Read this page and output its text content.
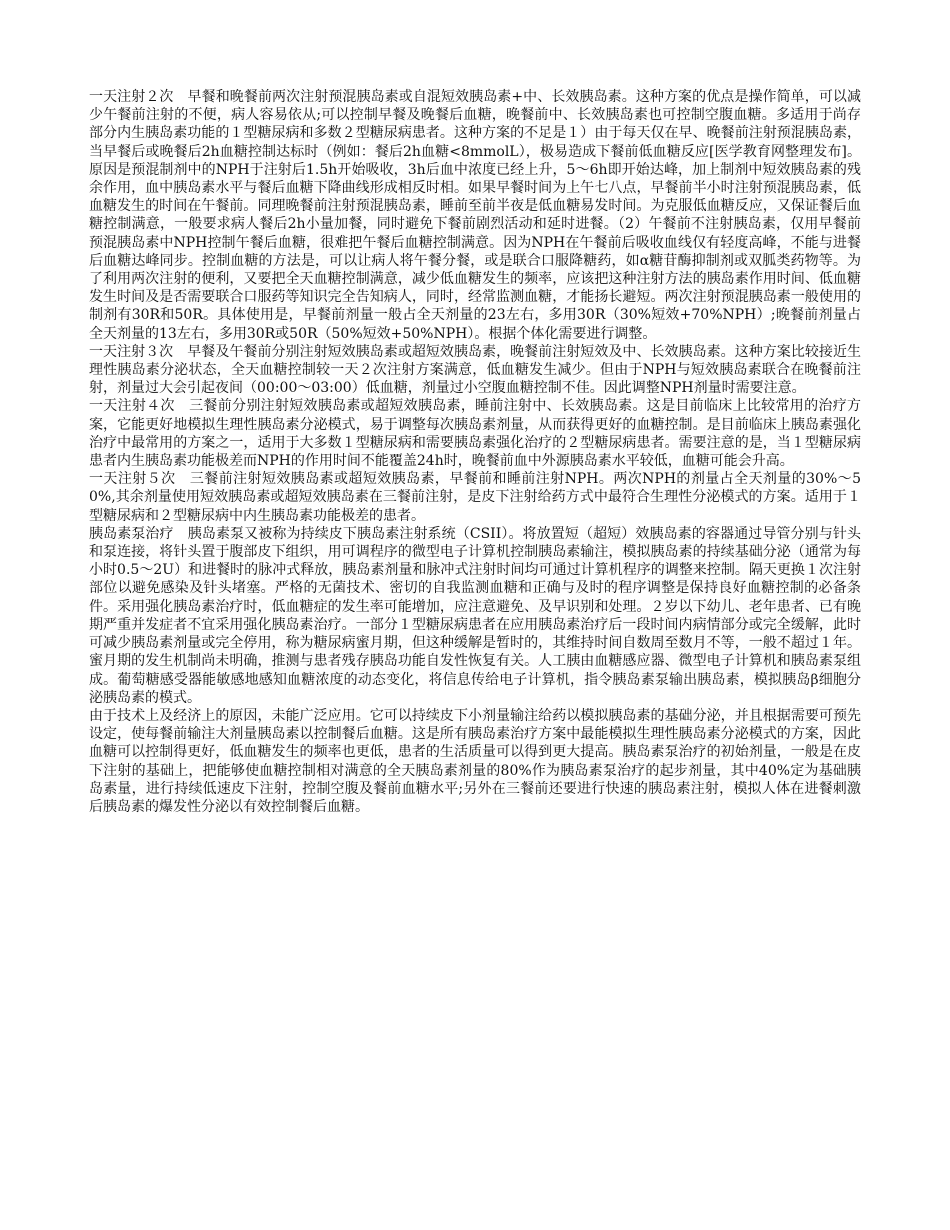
一天注射２次　早餐和晚餐前两次注射预混胰岛素或自混短效胰岛素+中、长效胰岛素。这种方案的优点是操作简单，可以减少午餐前注射的不便，病人容易依从;可以控制早餐及晚餐后血糖，晚餐前中、长效胰岛素也可控制空腹血糖。多适用于尚存部分内生胰岛素功能的１型糖尿病和多数２型糖尿病患者。这种方案的不足是１）由于每天仅在早、晚餐前注射预混胰岛素，当早餐后或晚餐后2h血糖控制达标时（例如：餐后2h血糖<8mmolL），极易造成下餐前低血糖反应[医学教育网整理发布]。原因是预混制剂中的NPH于注射后1.5h开始吸收，3h后血中浓度已经上升，5～6h即开始达峰，加上制剂中短效胰岛素的残余作用，血中胰岛素水平与餐后血糖下降曲线形成相反时相。如果早餐时间为上午七八点，早餐前半小时注射预混胰岛素，低血糖发生的时间在午餐前。同理晚餐前注射预混胰岛素，睡前至前半夜是低血糖易发时间。为克服低血糖反应，又保证餐后血糖控制满意，一般要求病人餐后2h小量加餐，同时避免下餐前剧烈活动和延时进餐。（2）午餐前不注射胰岛素，仅用早餐前预混胰岛素中NPH控制午餐后血糖，很难把午餐后血糖控制满意。因为NPH在午餐前后吸收血线仅有轻度高峰，不能与进餐后血糖达峰同步。控制血糖的方法是，可以让病人将午餐分餐，或是联合口服降糖药，如α糖苷酶抑制剂或双胍类药物等。为了利用两次注射的便利，又要把全天血糖控制满意，减少低血糖发生的频率，应该把这种注射方法的胰岛素作用时间、低血糖发生时间及是否需要联合口服药等知识完全告知病人，同时，经常监测血糖，才能扬长避短。两次注射预混胰岛素一般使用的制剂有30R和50R。具体使用是，早餐前剂量一般占全天剂量的23左右，多用30R（30%短效+70%NPH）;晚餐前剂量占全天剂量的13左右，多用30R或50R（50%短效+50%NPH）。根据个体化需要进行调整。

一天注射３次　早餐及午餐前分别注射短效胰岛素或超短效胰岛素，晚餐前注射短效及中、长效胰岛素。这种方案比较接近生理性胰岛素分泌状态，全天血糖控制较一天２次注射方案满意，低血糖发生减少。但由于NPH与短效胰岛素联合在晚餐前注射，剂量过大会引起夜间（00:00～03:00）低血糖，剂量过小空腹血糖控制不佳。因此调整NPH剂量时需要注意。

一天注射４次　三餐前分别注射短效胰岛素或超短效胰岛素，睡前注射中、长效胰岛素。这是目前临床上比较常用的治疗方案，它能更好地模拟生理性胰岛素分泌模式，易于调整每次胰岛素剂量，从而获得更好的血糖控制。是目前临床上胰岛素强化治疗中最常用的方案之一，适用于大多数１型糖尿病和需要胰岛素强化治疗的２型糖尿病患者。需要注意的是，当１型糖尿病患者内生胰岛素功能极差而NPH的作用时间不能覆盖24h时，晚餐前血中外源胰岛素水平较低，血糖可能会升高。

一天注射５次　三餐前注射短效胰岛素或超短效胰岛素，早餐前和睡前注射NPH。两次NPH的剂量占全天剂量的30%～50%,其余剂量使用短效胰岛素或超短效胰岛素在三餐前注射，是皮下注射给药方式中最符合生理性分泌模式的方案。适用于１型糖尿病和２型糖尿病中内生胰岛素功能极差的患者。

胰岛素泵治疗　胰岛素泵又被称为持续皮下胰岛素注射系统（CSII）。将放置短（超短）效胰岛素的容器通过导管分别与针头和泵连接，将针头置于腹部皮下组织，用可调程序的微型电子计算机控制胰岛素输注，模拟胰岛素的持续基础分泌（通常为每小时0.5～2U）和进餐时的脉冲式释放，胰岛素剂量和脉冲式注射时间均可通过计算机程序的调整来控制。隔天更换１次注射部位以避免感染及针头堵塞。严格的无菌技术、密切的自我监测血糖和正确与及时的程序调整是保持良好血糖控制的必备条件。采用强化胰岛素治疗时，低血糖症的发生率可能增加，应注意避免、及早识别和处理。２岁以下幼儿、老年患者、已有晚期严重并发症者不宜采用强化胰岛素治疗。一部分１型糖尿病患者在应用胰岛素治疗后一段时间内病情部分或完全缓解，此时可减少胰岛素剂量或完全停用，称为糖尿病蜜月期，但这种缓解是暂时的，其维持时间自数周至数月不等，一般不超过１年。蜜月期的发生机制尚未明确，推测与患者残存胰岛功能自发性恢复有关。人工胰由血糖感应器、微型电子计算机和胰岛素泵组成。葡萄糖感受器能敏感地感知血糖浓度的动态变化，将信息传给电子计算机，指令胰岛素泵输出胰岛素，模拟胰岛β细胞分泌胰岛素的模式。

由于技术上及经济上的原因，未能广泛应用。它可以持续皮下小剂量输注给药以模拟胰岛素的基础分泌，并且根据需要可预先设定，使每餐前输注大剂量胰岛素以控制餐后血糖。这是所有胰岛素治疗方案中最能模拟生理性胰岛素分泌模式的方案，因此血糖可以控制得更好，低血糖发生的频率也更低，患者的生活质量可以得到更大提高。胰岛素泵治疗的初始剂量，一般是在皮下注射的基础上，把能够使血糖控制相对满意的全天胰岛素剂量的80%作为胰岛素泵治疗的起步剂量，其中40%定为基础胰岛素量，进行持续低速皮下注射，控制空腹及餐前血糖水平;另外在三餐前还要进行快速的胰岛素注射，模拟人体在进餐刺激后胰岛素的爆发性分泌以有效控制餐后血糖。
